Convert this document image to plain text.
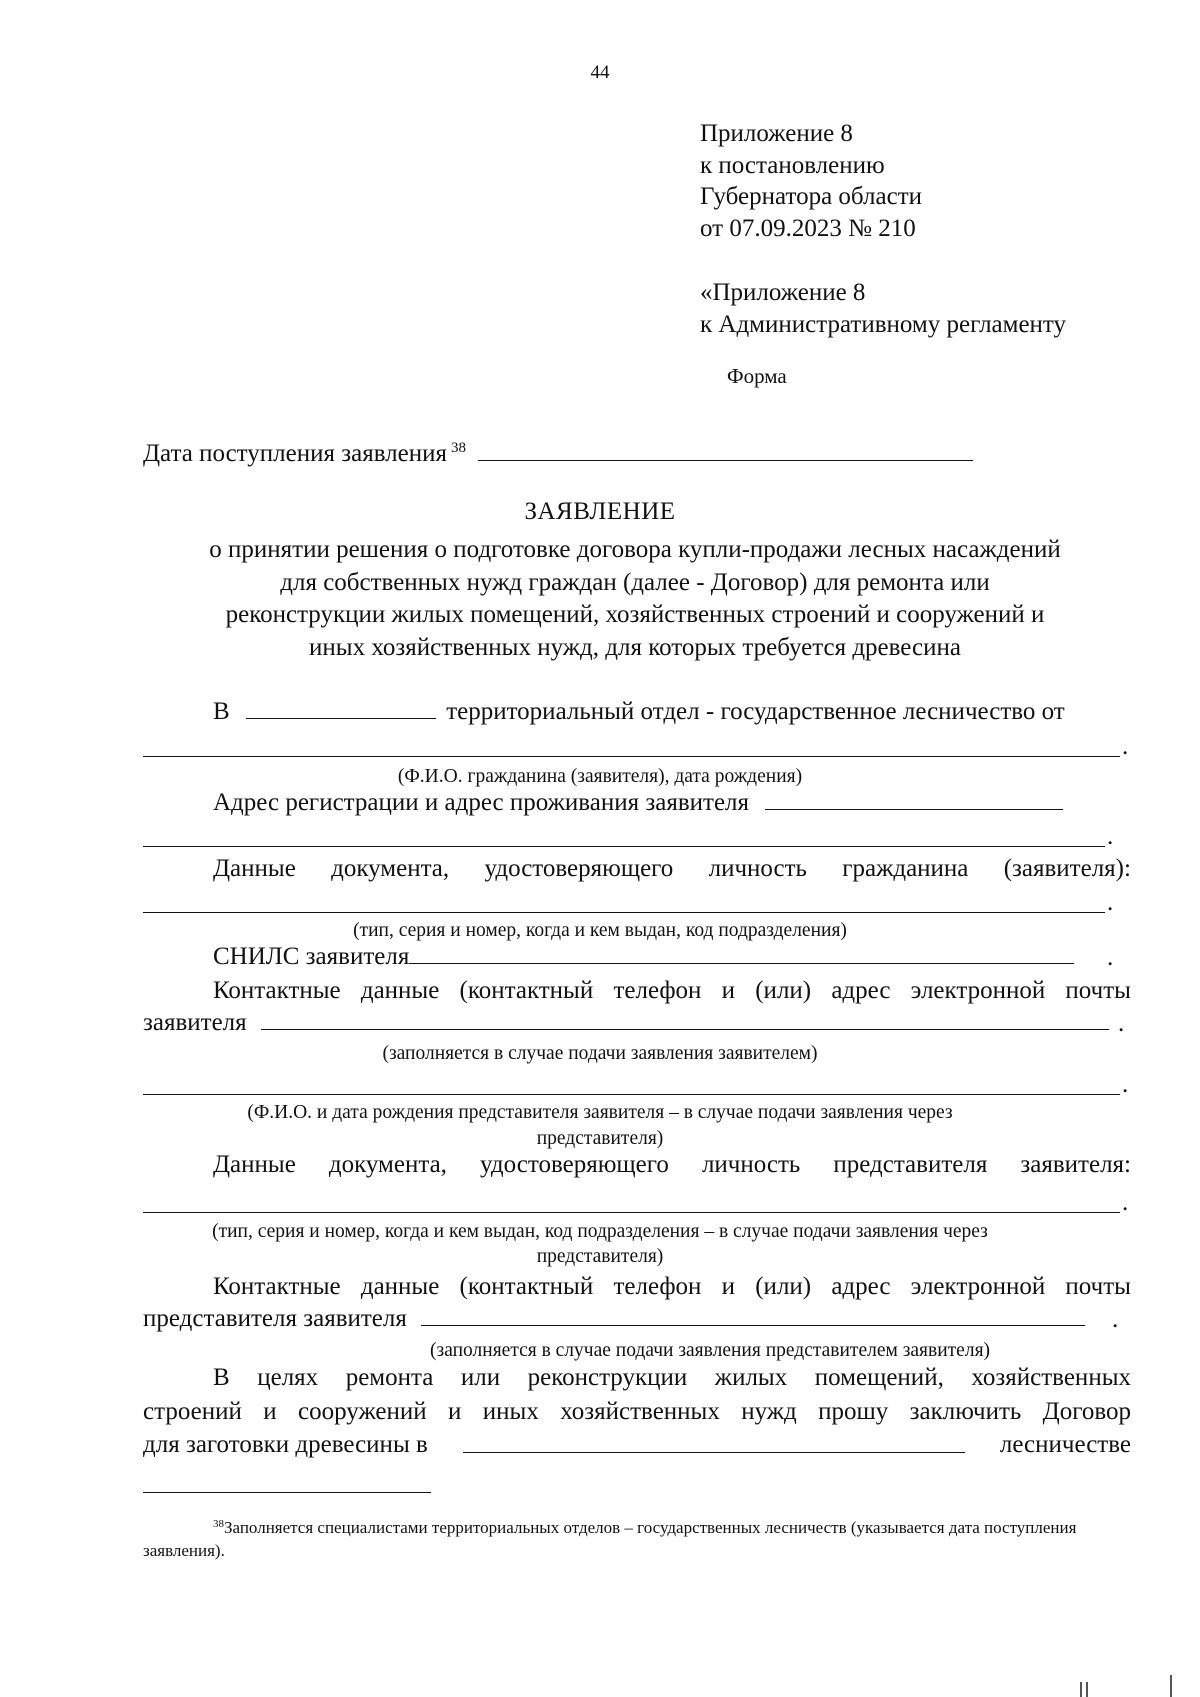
44
Приложение 8
к постановлению
Губернатора области
от 07.09.2023 № 210
«Приложение 8
к Административному регламенту
Форма
Дата поступления заявления $^{38}$
ЗАЯВЛЕНИЕ
о принятии решения о подготовке договора купли-продажи лесных насаждений
для собственных нужд граждан (далее - Договор) для ремонта или
реконструкции жилых помещений, хозяйственных строений и сооружений и
иных хозяйственных нужд, для которых требуется древесина
В	территориальный отдел - государственное лесничество от
.
(Ф.И.О. гражданина (заявителя), дата рождения)
Адрес регистрации и адрес проживания заявителя
.
Данные документа, удостоверяющего личность гражданина (заявителя):
.
(тип, серия и номер, когда и кем выдан, код подразделения)
СНИЛС заявителя	.
Контактные данные (контактный телефон и (или) адрес электронной почты
заявителя	.
(заполняется в случае подачи заявления заявителем)
.
(Ф.И.О. и дата рождения представителя заявителя – в случае подачи заявления через
представителя)
Данные документа, удостоверяющего личность представителя заявителя:
.
(тип, серия и номер, когда и кем выдан, код подразделения – в случае подачи заявления через
представителя)
Контактные данные (контактный телефон и (или) адрес электронной почты
представителя заявителя	.
(заполняется в случае подачи заявления представителем заявителя)
В целях ремонта или реконструкции жилых помещений, хозяйственных
строений и сооружений и иных хозяйственных нужд прошу заключить Договор
для заготовки древесины в	лесничестве
$^{38}$Заполняется специалистами территориальных отделов – государственных лесничеств (указывается дата поступления заявления).
